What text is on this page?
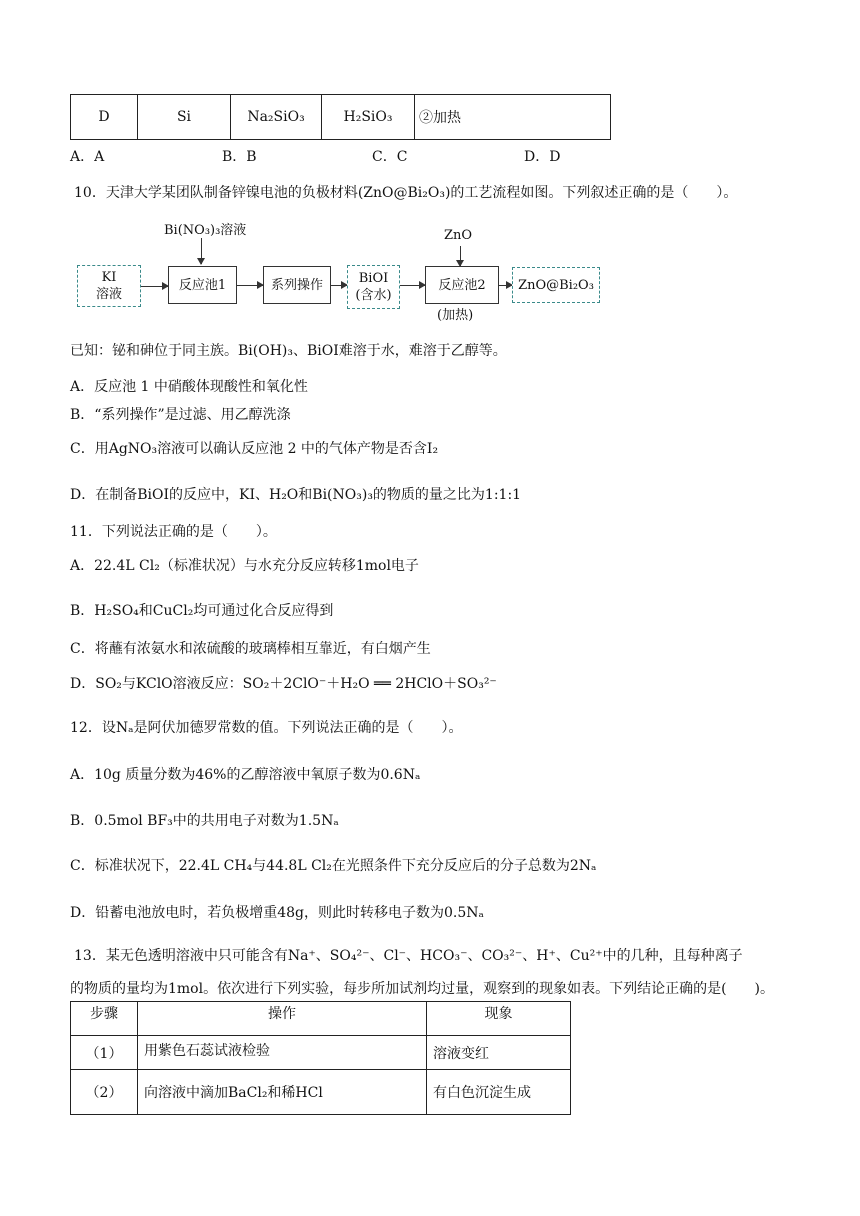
D	Si	Na₂SiO₃	H₂SiO₃	②加热
A．A	B．B	C．C	D．D
10．天津大学某团队制备锌镍电池的负极材料(ZnO@Bi₂O₃)的工艺流程如图。下列叙述正确的是（　　）。
Bi(NO₃)₃溶液	ZnO
KI
溶液
反应池1	系列操作	BiOI
(含水)
反应池2
(加热)
ZnO@Bi₂O₃
已知：铋和砷位于同主族。Bi(OH)₃、BiOI难溶于水，难溶于乙醇等。
A．反应池 1 中硝酸体现酸性和氧化性
B．“系列操作”是过滤、用乙醇洗涤
C．用AgNO₃溶液可以确认反应池 2 中的气体产物是否含I₂
D．在制备BiOI的反应中，KI、H₂O和Bi(NO₃)₃的物质的量之比为1:1:1
11．下列说法正确的是（　　）。
A．22.4L Cl₂（标准状况）与水充分反应转移1mol电子
B．H₂SO₄和CuCl₂均可通过化合反应得到
C．将蘸有浓氨水和浓硫酸的玻璃棒相互靠近，有白烟产生
D．SO₂与KClO溶液反应：SO₂＋2ClO⁻＋H₂O ══ 2HClO＋SO₃²⁻
12．设Nₐ是阿伏加德罗常数的值。下列说法正确的是（　　）。
A．10g 质量分数为46%的乙醇溶液中氧原子数为0.6Nₐ
B．0.5mol BF₃中的共用电子对数为1.5Nₐ
C．标准状况下，22.4L CH₄与44.8L Cl₂在光照条件下充分反应后的分子总数为2Nₐ
D．铅蓄电池放电时，若负极增重48g，则此时转移电子数为0.5Nₐ
13．某无色透明溶液中只可能含有Na⁺、SO₄²⁻、Cl⁻、HCO₃⁻、CO₃²⁻、H⁺、Cu²⁺中的几种，且每种离子
的物质的量均为1mol。依次进行下列实验，每步所加试剂均过量，观察到的现象如表。下列结论正确的是(　　)。
步骤	操作	现象
（1）	用紫色石蕊试液检验	溶液变红
（2）	向溶液中滴加BaCl₂和稀HCl	有白色沉淀生成
